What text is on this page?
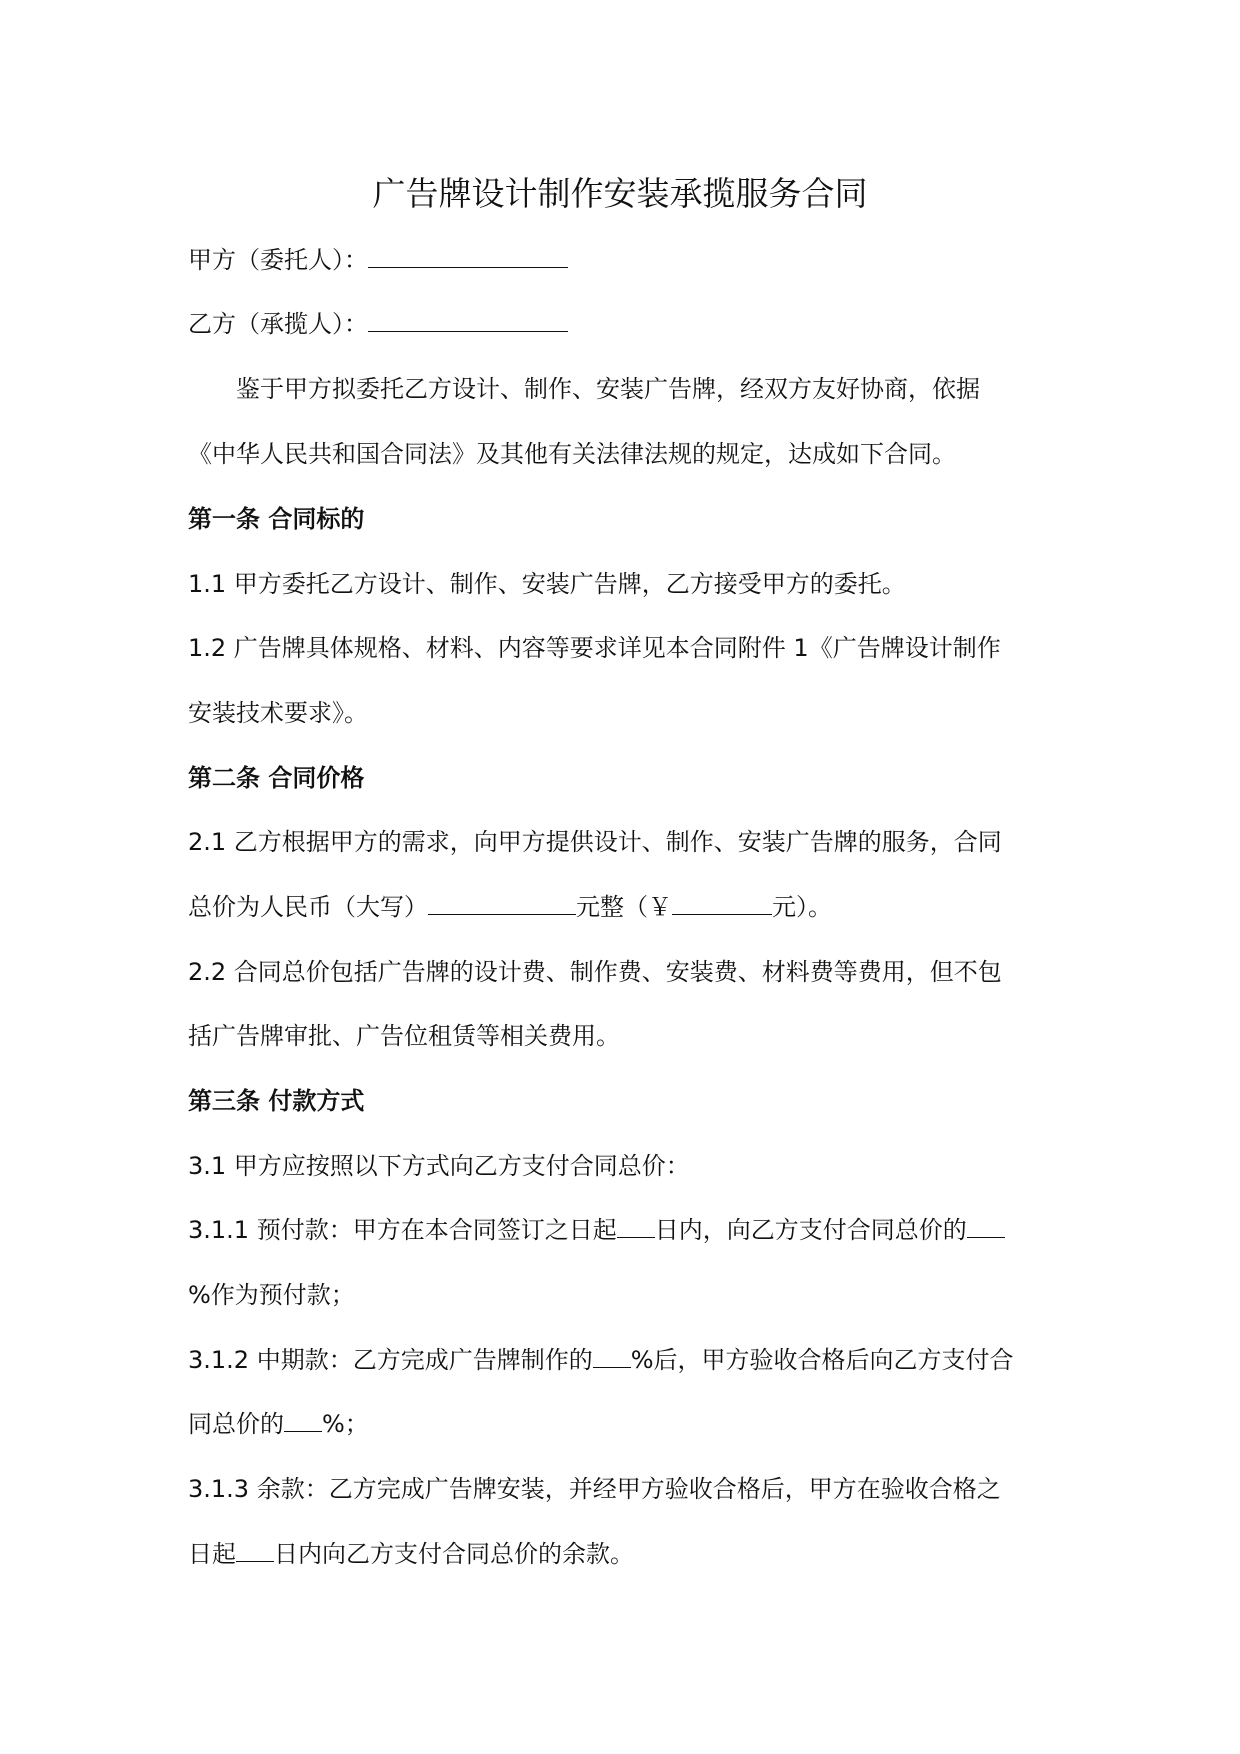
广告牌设计制作安装承揽服务合同

甲方（委托人）：

乙方（承揽人）：

鉴于甲方拟委托乙方设计、制作、安装广告牌，经双方友好协商，依据

《中华人民共和国合同法》及其他有关法律法规的规定，达成如下合同。

第一条 合同标的

1.1 甲方委托乙方设计、制作、安装广告牌，乙方接受甲方的委托。

1.2 广告牌具体规格、材料、内容等要求详见本合同附件 1《广告牌设计制作

安装技术要求》。

第二条 合同价格

2.1 乙方根据甲方的需求，向甲方提供设计、制作、安装广告牌的服务，合同

总价为人民币（大写）	元整（￥	元）。

2.2 合同总价包括广告牌的设计费、制作费、安装费、材料费等费用，但不包

括广告牌审批、广告位租赁等相关费用。

第三条 付款方式

3.1 甲方应按照以下方式向乙方支付合同总价：

3.1.1 预付款：甲方在本合同签订之日起 日内，向乙方支付合同总价的

%作为预付款；

3.1.2 中期款：乙方完成广告牌制作的 %后，甲方验收合格后向乙方支付合

同总价的 %；

3.1.3 余款：乙方完成广告牌安装，并经甲方验收合格后，甲方在验收合格之

日起 日内向乙方支付合同总价的余款。
